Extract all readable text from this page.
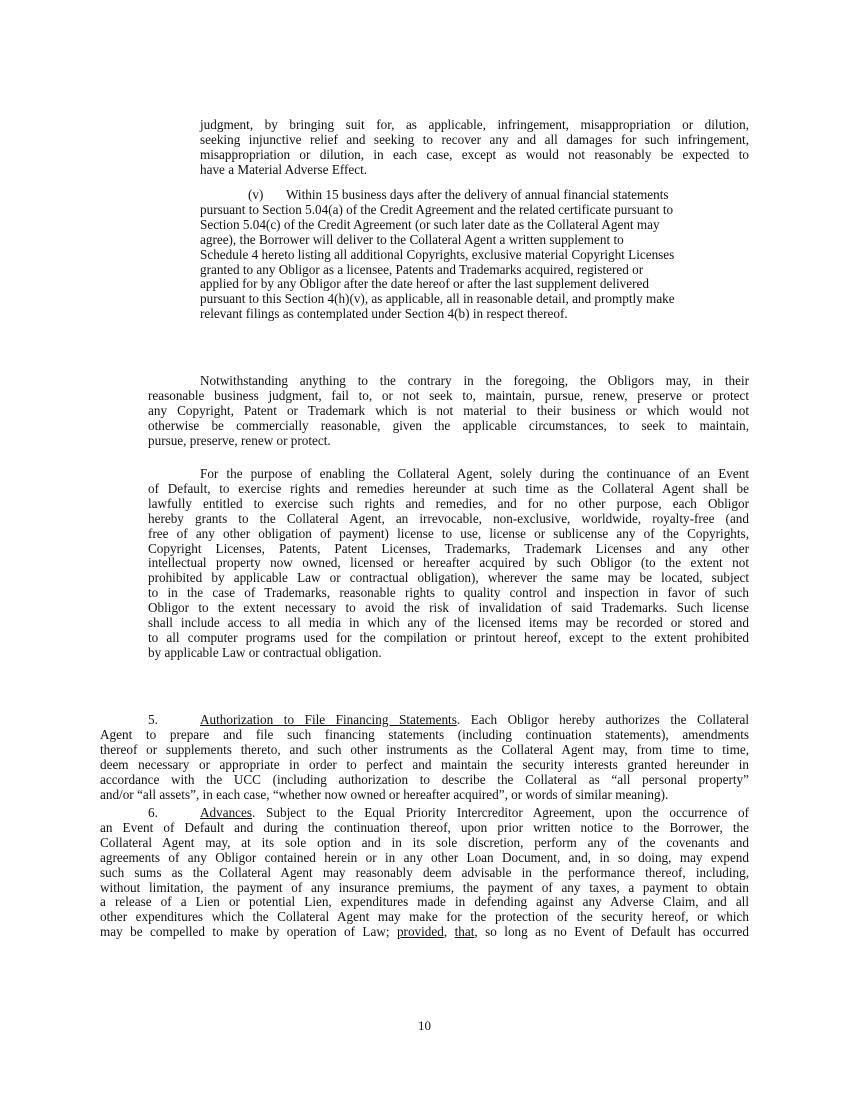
judgment, by bringing suit for, as applicable, infringement, misappropriation or dilution,

seeking injunctive relief and seeking to recover any and all damages for such infringement,

misappropriation or dilution, in each case, except as would not reasonably be expected to

have a Material Adverse Effect.

(v) Within 15 business days after the delivery of annual financial statements

pursuant to Section 5.04(a) of the Credit Agreement and the related certificate pursuant to

Section 5.04(c) of the Credit Agreement (or such later date as the Collateral Agent may

agree), the Borrower will deliver to the Collateral Agent a written supplement to

Schedule 4 hereto listing all additional Copyrights, exclusive material Copyright Licenses

granted to any Obligor as a licensee, Patents and Trademarks acquired, registered or

applied for by any Obligor after the date hereof or after the last supplement delivered

pursuant to this Section 4(h)(v), as applicable, all in reasonable detail, and promptly make

relevant filings as contemplated under Section 4(b) in respect thereof.

Notwithstanding anything to the contrary in the foregoing, the Obligors may, in their

reasonable business judgment, fail to, or not seek to, maintain, pursue, renew, preserve or protect

any Copyright, Patent or Trademark which is not material to their business or which would not

otherwise be commercially reasonable, given the applicable circumstances, to seek to maintain,

pursue, preserve, renew or protect.

For the purpose of enabling the Collateral Agent, solely during the continuance of an Event

of Default, to exercise rights and remedies hereunder at such time as the Collateral Agent shall be

lawfully entitled to exercise such rights and remedies, and for no other purpose, each Obligor

hereby grants to the Collateral Agent, an irrevocable, non-exclusive, worldwide, royalty-free (and

free of any other obligation of payment) license to use, license or sublicense any of the Copyrights,

Copyright Licenses, Patents, Patent Licenses, Trademarks, Trademark Licenses and any other

intellectual property now owned, licensed or hereafter acquired by such Obligor (to the extent not

prohibited by applicable Law or contractual obligation), wherever the same may be located, subject

to in the case of Trademarks, reasonable rights to quality control and inspection in favor of such

Obligor to the extent necessary to avoid the risk of invalidation of said Trademarks. Such license

shall include access to all media in which any of the licensed items may be recorded or stored and

to all computer programs used for the compilation or printout hereof, except to the extent prohibited

by applicable Law or contractual obligation.

5.	Authorization to File Financing Statements. Each Obligor hereby authorizes the Collateral

Agent to prepare and file such financing statements (including continuation statements), amendments

thereof or supplements thereto, and such other instruments as the Collateral Agent may, from time to time,

deem necessary or appropriate in order to perfect and maintain the security interests granted hereunder in

accordance with the UCC (including authorization to describe the Collateral as “all personal property”

and/or “all assets”, in each case, “whether now owned or hereafter acquired”, or words of similar meaning).

6.	Advances. Subject to the Equal Priority Intercreditor Agreement, upon the occurrence of

an Event of Default and during the continuation thereof, upon prior written notice to the Borrower, the

Collateral Agent may, at its sole option and in its sole discretion, perform any of the covenants and

agreements of any Obligor contained herein or in any other Loan Document, and, in so doing, may expend

such sums as the Collateral Agent may reasonably deem advisable in the performance thereof, including,

without limitation, the payment of any insurance premiums, the payment of any taxes, a payment to obtain

a release of a Lien or potential Lien, expenditures made in defending against any Adverse Claim, and all

other expenditures which the Collateral Agent may make for the protection of the security hereof, or which

may be compelled to make by operation of Law; provided, that, so long as no Event of Default has occurred

10
